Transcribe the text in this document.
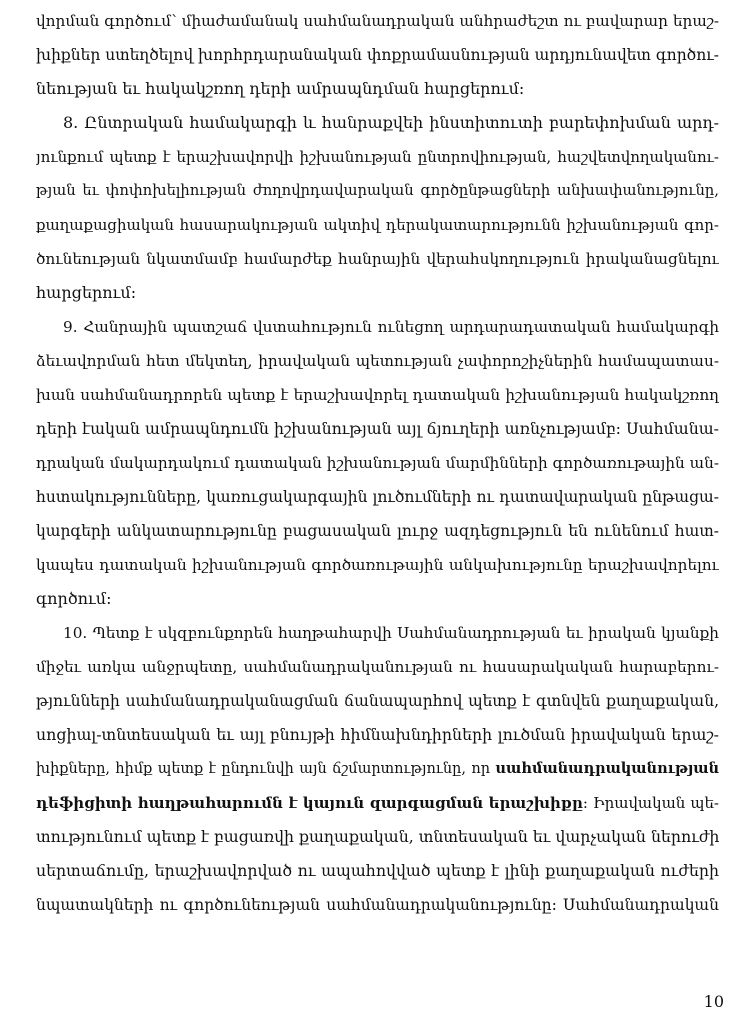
վորման գործում՝ միաժամանակ սահմանադրական անհրաժեշտ ու բավարար երաշ-
խիքներ ստեղծելով խորհրդարանական փոքրամասնության արդյունավետ գործու-
նեության եւ հակակշռող դերի ամրապնդման հարցերում:
8. Ընտրական համակարգի և հանրաքվեի ինստիտուտի բարեփոխման արդ-
յունքում պետք է երաշխավորվի իշխանության ընտրովիության, հաշվետվողականու-
թյան եւ փոփոխելիության ժողովրդավարական գործընթացների անխափանությունը,
քաղաքացիական հասարակության ակտիվ դերակատարությունն իշխանության գոր-
ծունեության նկատմամբ համարժեք հանրային վերահսկողություն իրականացնելու
հարցերում:
9. Հանրային պատշաճ վստահություն ունեցող արդարադատական համակարգի
ձեւավորման հետ մեկտեղ, իրավական պետության չափորոշիչներին համապատաս-
խան սահմանադրորեն պետք է երաշխավորել դատական իշխանության հակակշռող
դերի էական ամրապնդումն իշխանության այլ ճյուղերի առնչությամբ: Սահմանա-
դրական մակարդակում դատական իշխանության մարմինների գործառութային ան-
հստակությունները, կառուցակարգային լուծումների ու դատավարական ընթացա-
կարգերի անկատարությունը բացասական լուրջ ազդեցություն են ունենում հատ-
կապես դատական իշխանության գործառութային անկախությունը երաշխավորելու
գործում:
10. Պետք է սկզբունքորեն հաղթահարվի Սահմանադրության եւ իրական կյանքի
միջեւ առկա անջրպետը, սահմանադրականության ու հասարակական հարաբերու-
թյունների սահմանադրականացման ճանապարհով պետք է գտնվեն քաղաքական,
սոցիալ-տնտեսական եւ այլ բնույթի հիմնախնդիրների լուծման իրավական երաշ-
խիքները, հիմք պետք է ընդունվի այն ճշմարտությունը, որ սահմանադրականության
դեֆիցիտի հաղթահարումն է կայուն զարգացման երաշխիքը: Իրավական պե-
տությունում պետք է բացառվի քաղաքական, տնտեսական եւ վարչական ներուժի
սերտաճումը, երաշխավորված ու ապահովված պետք է լինի քաղաքական ուժերի
նպատակների ու գործունեության սահմանադրականությունը: Սահմանադրական
10
